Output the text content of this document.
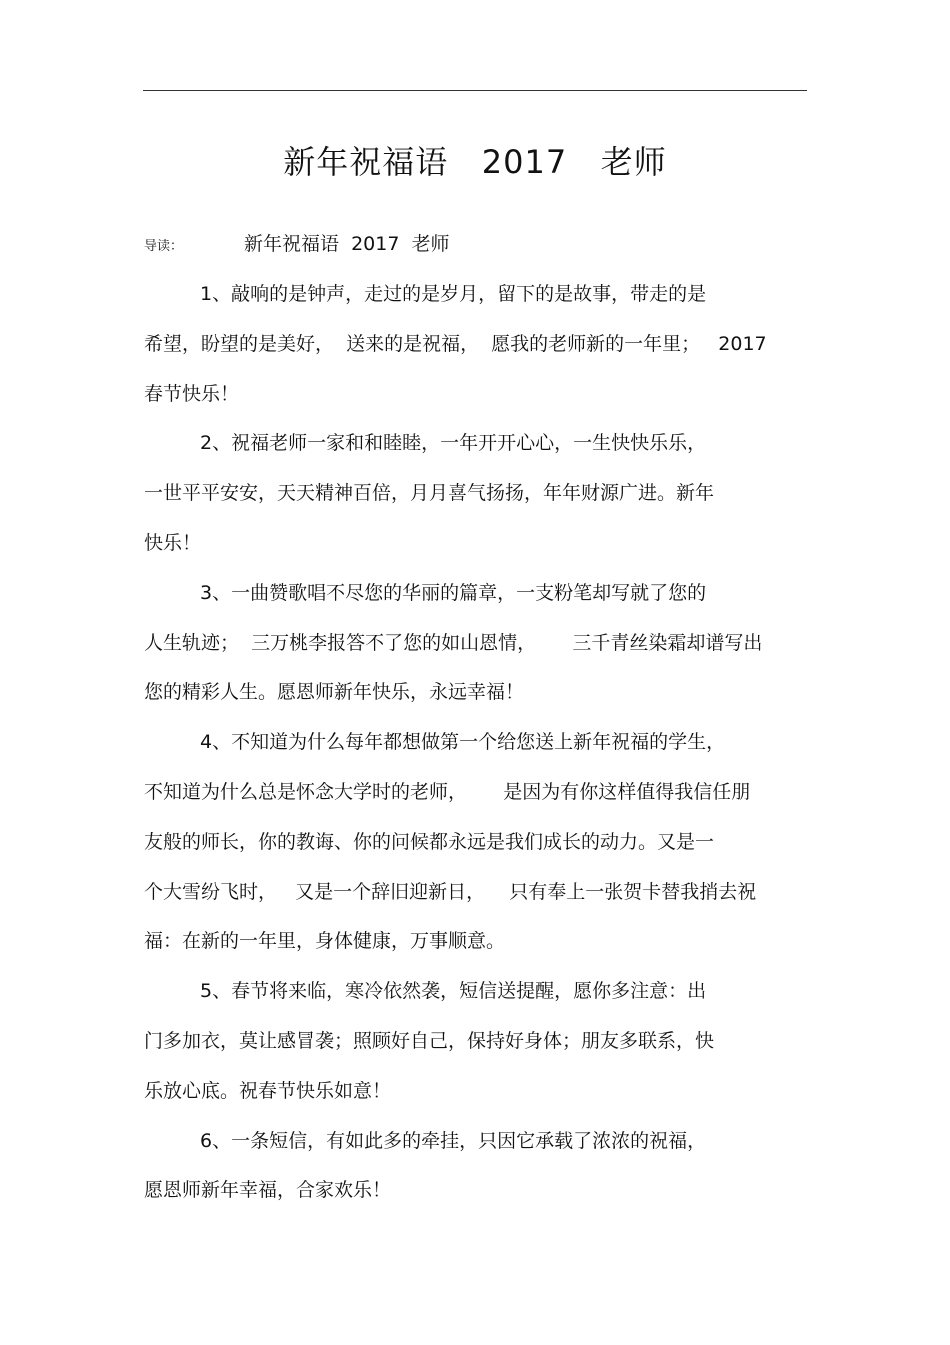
新年祝福语   2017   老师
导读：	新年祝福语  2017  老师
1、敲响的是钟声，走过的是岁月，留下的是故事，带走的是
希望，盼望的是美好，  送来的是祝福，  愿我的老师新的一年里；   2017
春节快乐！
2、祝福老师一家和和睦睦，一年开开心心，一生快快乐乐，
一世平平安安，天天精神百倍，月月喜气扬扬，年年财源广进。新年
快乐！
3、一曲赞歌唱不尽您的华丽的篇章，一支粉笔却写就了您的
人生轨迹；  三万桃李报答不了您的如山恩情，      三千青丝染霜却谱写出
您的精彩人生。愿恩师新年快乐，永远幸福！
4、不知道为什么每年都想做第一个给您送上新年祝福的学生，
不知道为什么总是怀念大学时的老师，      是因为有你这样值得我信任朋
友般的师长，你的教诲、你的问候都永远是我们成长的动力。又是一
个大雪纷飞时，   又是一个辞旧迎新日，    只有奉上一张贺卡替我捎去祝
福：在新的一年里，身体健康，万事顺意。
5、春节将来临，寒冷依然袭，短信送提醒，愿你多注意：出
门多加衣，莫让感冒袭；照顾好自己，保持好身体；朋友多联系，快
乐放心底。祝春节快乐如意！
6、一条短信，有如此多的牵挂，只因它承载了浓浓的祝福，
愿恩师新年幸福，合家欢乐！
